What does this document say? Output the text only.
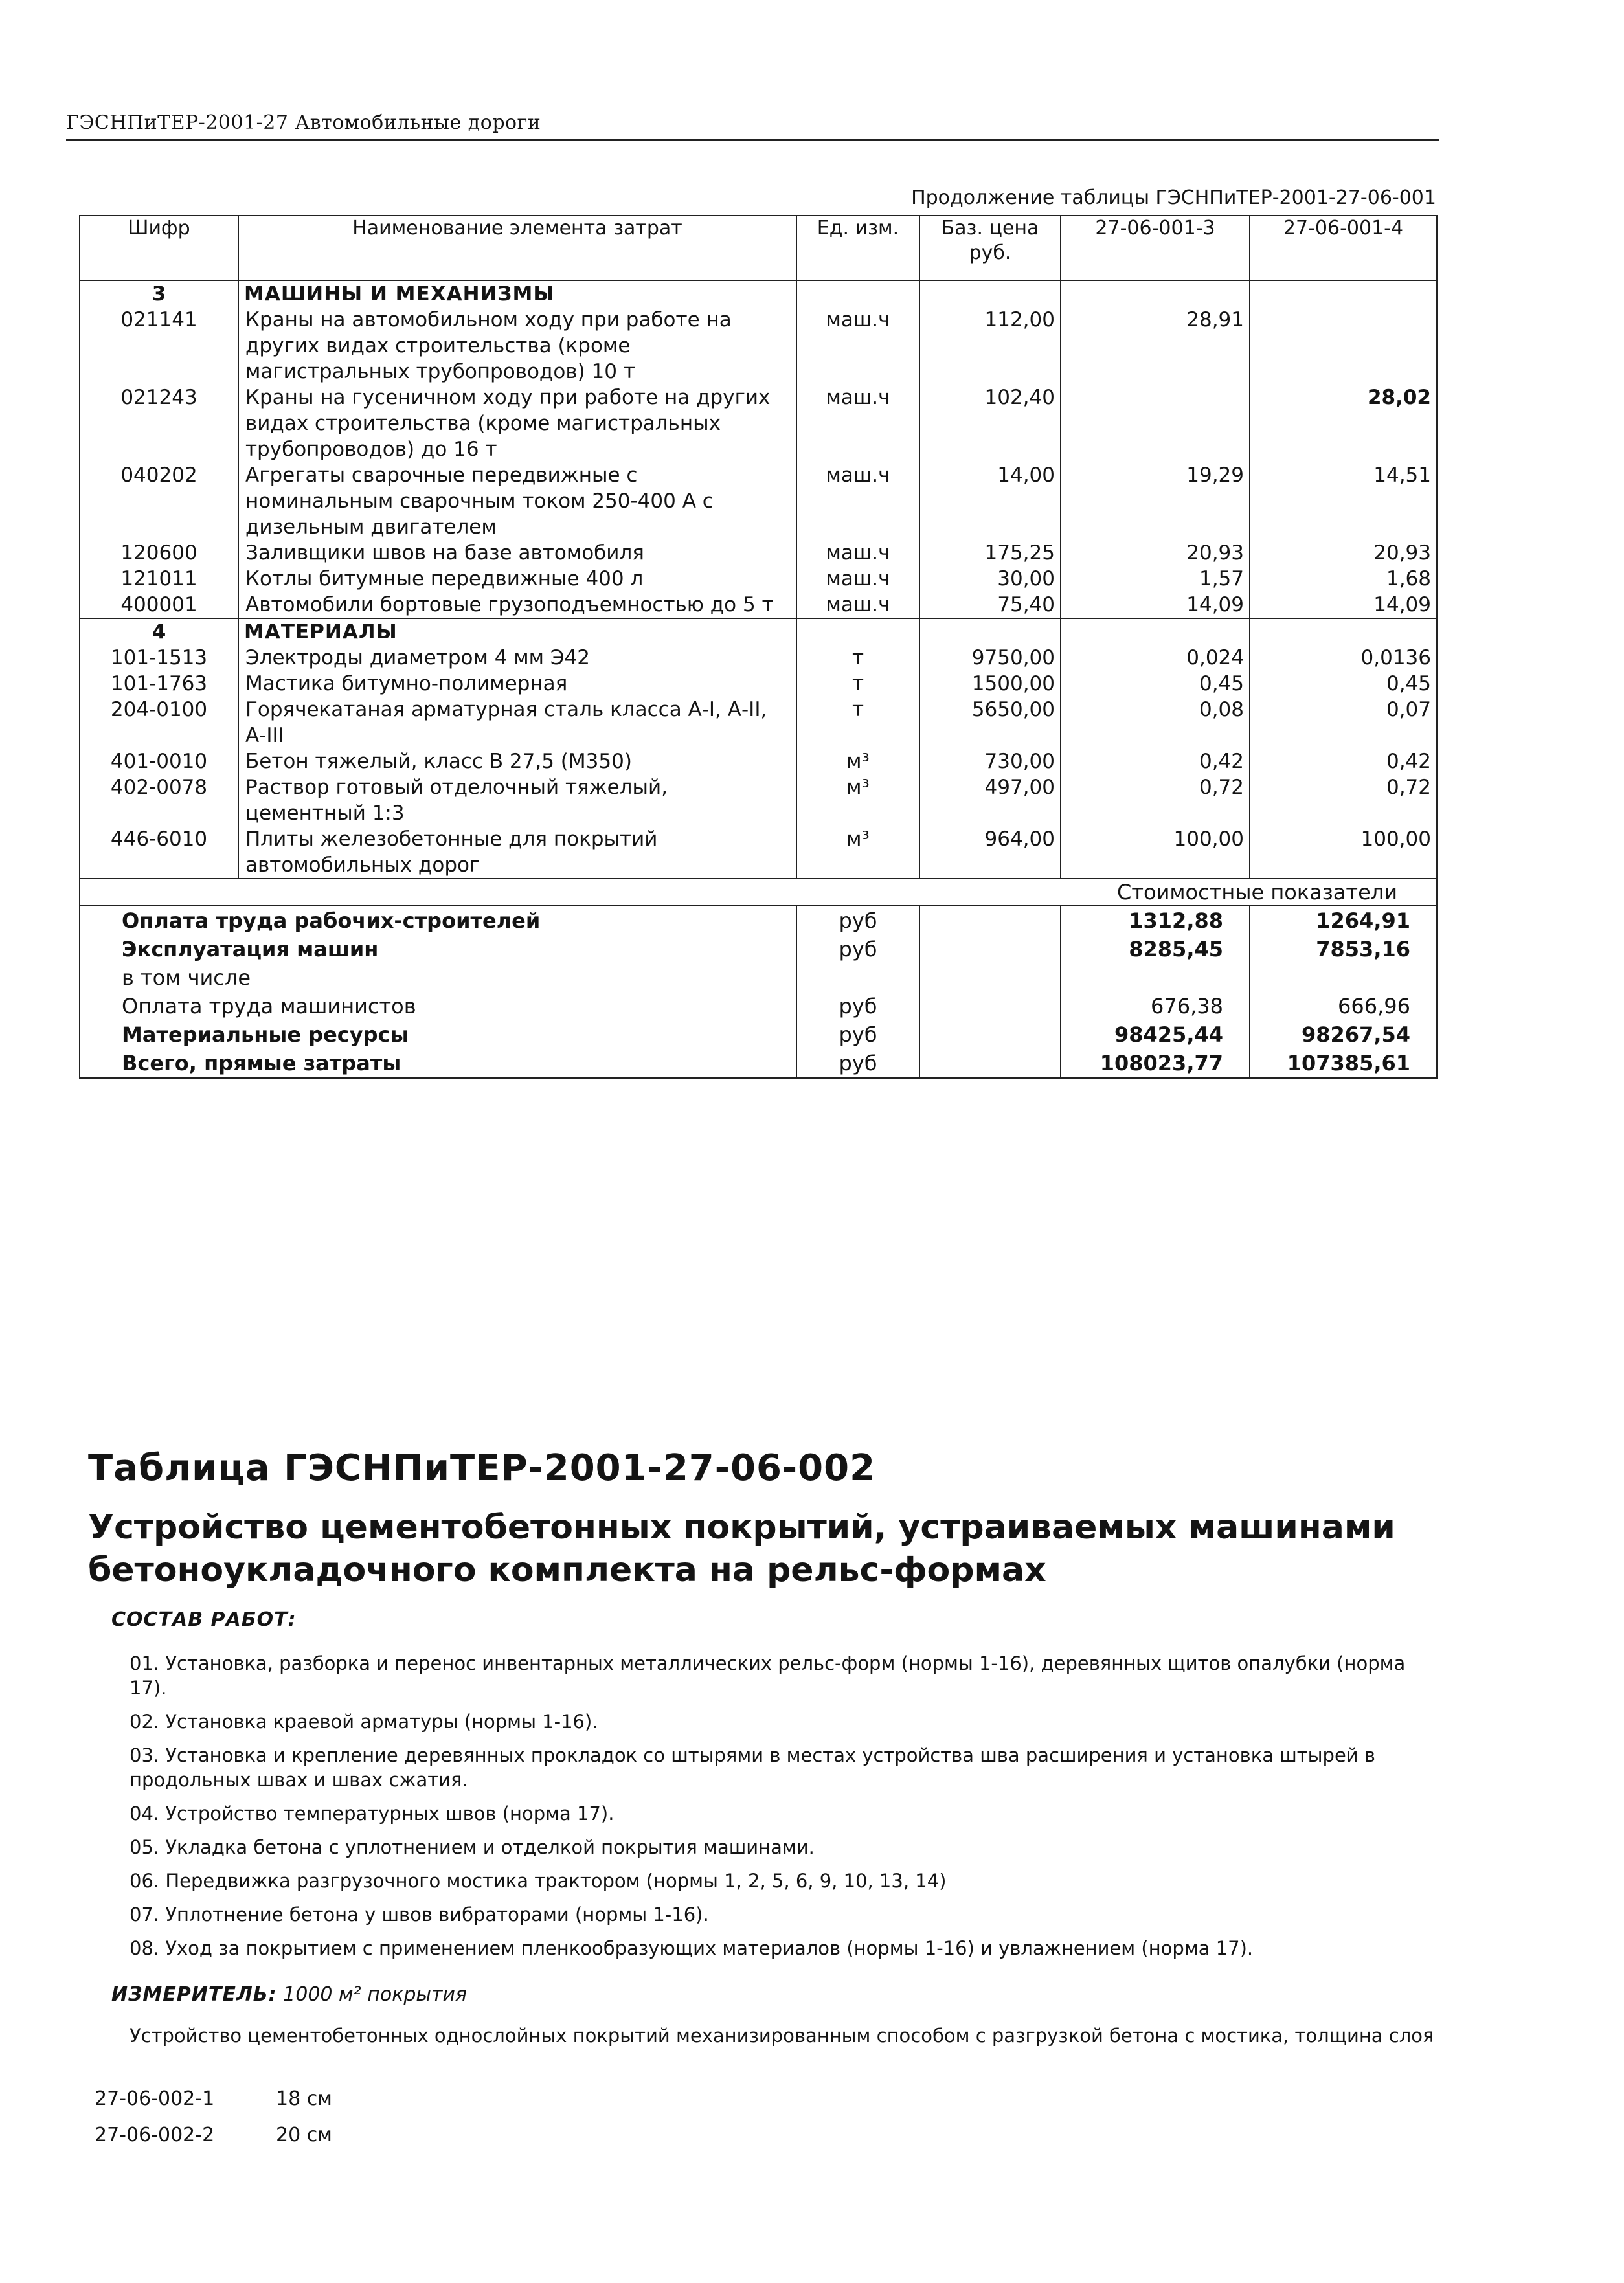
ГЭСНПиТЕР-2001-27 Автомобильные дороги
Продолжение таблицы ГЭСНПиТЕР-2001-27-06-001
Шифр	Наименование элемента затрат	Ед. изм.	Баз. цена руб.	27-06-001-3	27-06-001-4
3	МАШИНЫ И МЕХАНИЗМЫ				
021141	Краны на автомобильном ходу при работе на других видах строительства (кроме магистральных трубопроводов) 10 т	маш.ч	112,00	28,91	
021243	Краны на гусеничном ходу при работе на других видах строительства (кроме магистральных трубопроводов) до 16 т	маш.ч	102,40		28,02
040202	Агрегаты сварочные передвижные с номинальным сварочным током 250-400 А с дизельным двигателем	маш.ч	14,00	19,29	14,51
120600	Заливщики швов на базе автомобиля	маш.ч	175,25	20,93	20,93
121011	Котлы битумные передвижные 400 л	маш.ч	30,00	1,57	1,68
400001	Автомобили бортовые грузоподъемностью до 5 т	маш.ч	75,40	14,09	14,09
4	МАТЕРИАЛЫ				
101-1513	Электроды диаметром 4 мм Э42	т	9750,00	0,024	0,0136
101-1763	Мастика битумно-полимерная	т	1500,00	0,45	0,45
204-0100	Горячекатаная арматурная сталь класса А-I, А-II, А-III	т	5650,00	0,08	0,07
401-0010	Бетон тяжелый, класс В 27,5 (М350)	м³	730,00	0,42	0,42
402-0078	Раствор готовый отделочный тяжелый, цементный 1:3	м³	497,00	0,72	0,72
446-6010	Плиты железобетонные для покрытий автомобильных дорог	м³	964,00	100,00	100,00
Стоимостные показатели					
Оплата труда рабочих-строителей		руб		1312,88	1264,91
Эксплуатация машин		руб		8285,45	7853,16
в том числе					
Оплата труда машинистов		руб		676,38	666,96
Материальные ресурсы		руб		98425,44	98267,54
Всего, прямые затраты		руб		108023,77	107385,61
Таблица ГЭСНПиТЕР-2001-27-06-002
Устройство цементобетонных покрытий, устраиваемых машинами бетоноукладочного комплекта на рельс-формах
СОСТАВ РАБОТ:
01. Установка, разборка и перенос инвентарных металлических рельс-форм (нормы 1-16), деревянных щитов опалубки (норма 17).
02. Установка краевой арматуры (нормы 1-16).
03. Установка и крепление деревянных прокладок со штырями в местах устройства шва расширения и установка штырей в продольных швах и швах сжатия.
04. Устройство температурных швов (норма 17).
05. Укладка бетона с уплотнением и отделкой покрытия машинами.
06. Передвижка разгрузочного мостика трактором (нормы 1, 2, 5, 6, 9, 10, 13, 14)
07. Уплотнение бетона у швов вибраторами (нормы 1-16).
08. Уход за покрытием с применением пленкообразующих материалов (нормы 1-16) и увлажнением (норма 17).
ИЗМЕРИТЕЛЬ: 1000 м² покрытия
Устройство цементобетонных однослойных покрытий механизированным способом с разгрузкой бетона с мостика, толщина слоя
27-06-002-1	18 см
27-06-002-2	20 см
